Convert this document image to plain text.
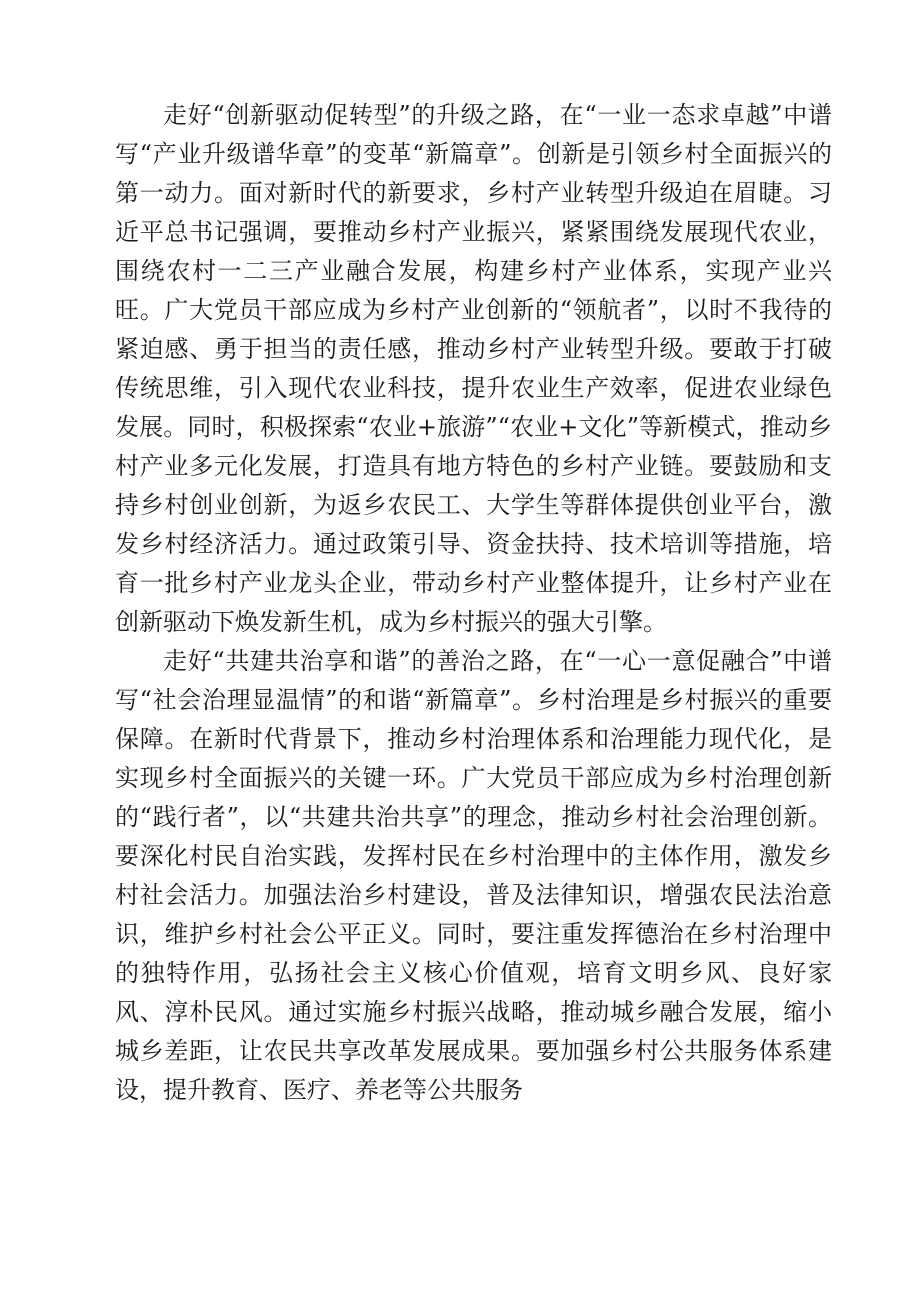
走好“创新驱动促转型”的升级之路，在“一业一态求卓越”中谱写“产业升级谱华章”的变革“新篇章”。创新是引领乡村全面振兴的第一动力。面对新时代的新要求，乡村产业转型升级迫在眉睫。习近平总书记强调，要推动乡村产业振兴，紧紧围绕发展现代农业，围绕农村一二三产业融合发展，构建乡村产业体系，实现产业兴旺。广大党员干部应成为乡村产业创新的“领航者”，以时不我待的紧迫感、勇于担当的责任感，推动乡村产业转型升级。要敢于打破传统思维，引入现代农业科技，提升农业生产效率，促进农业绿色发展。同时，积极探索“农业+旅游”“农业+文化”等新模式，推动乡村产业多元化发展，打造具有地方特色的乡村产业链。要鼓励和支持乡村创业创新，为返乡农民工、大学生等群体提供创业平台，激发乡村经济活力。通过政策引导、资金扶持、技术培训等措施，培育一批乡村产业龙头企业，带动乡村产业整体提升，让乡村产业在创新驱动下焕发新生机，成为乡村振兴的强大引擎。

走好“共建共治享和谐”的善治之路，在“一心一意促融合”中谱写“社会治理显温情”的和谐“新篇章”。乡村治理是乡村振兴的重要保障。在新时代背景下，推动乡村治理体系和治理能力现代化，是实现乡村全面振兴的关键一环。广大党员干部应成为乡村治理创新的“践行者”，以“共建共治共享”的理念，推动乡村社会治理创新。要深化村民自治实践，发挥村民在乡村治理中的主体作用，激发乡村社会活力。加强法治乡村建设，普及法律知识，增强农民法治意识，维护乡村社会公平正义。同时，要注重发挥德治在乡村治理中的独特作用，弘扬社会主义核心价值观，培育文明乡风、良好家风、淳朴民风。通过实施乡村振兴战略，推动城乡融合发展，缩小城乡差距，让农民共享改革发展成果。要加强乡村公共服务体系建设，提升教育、医疗、养老等公共服务
